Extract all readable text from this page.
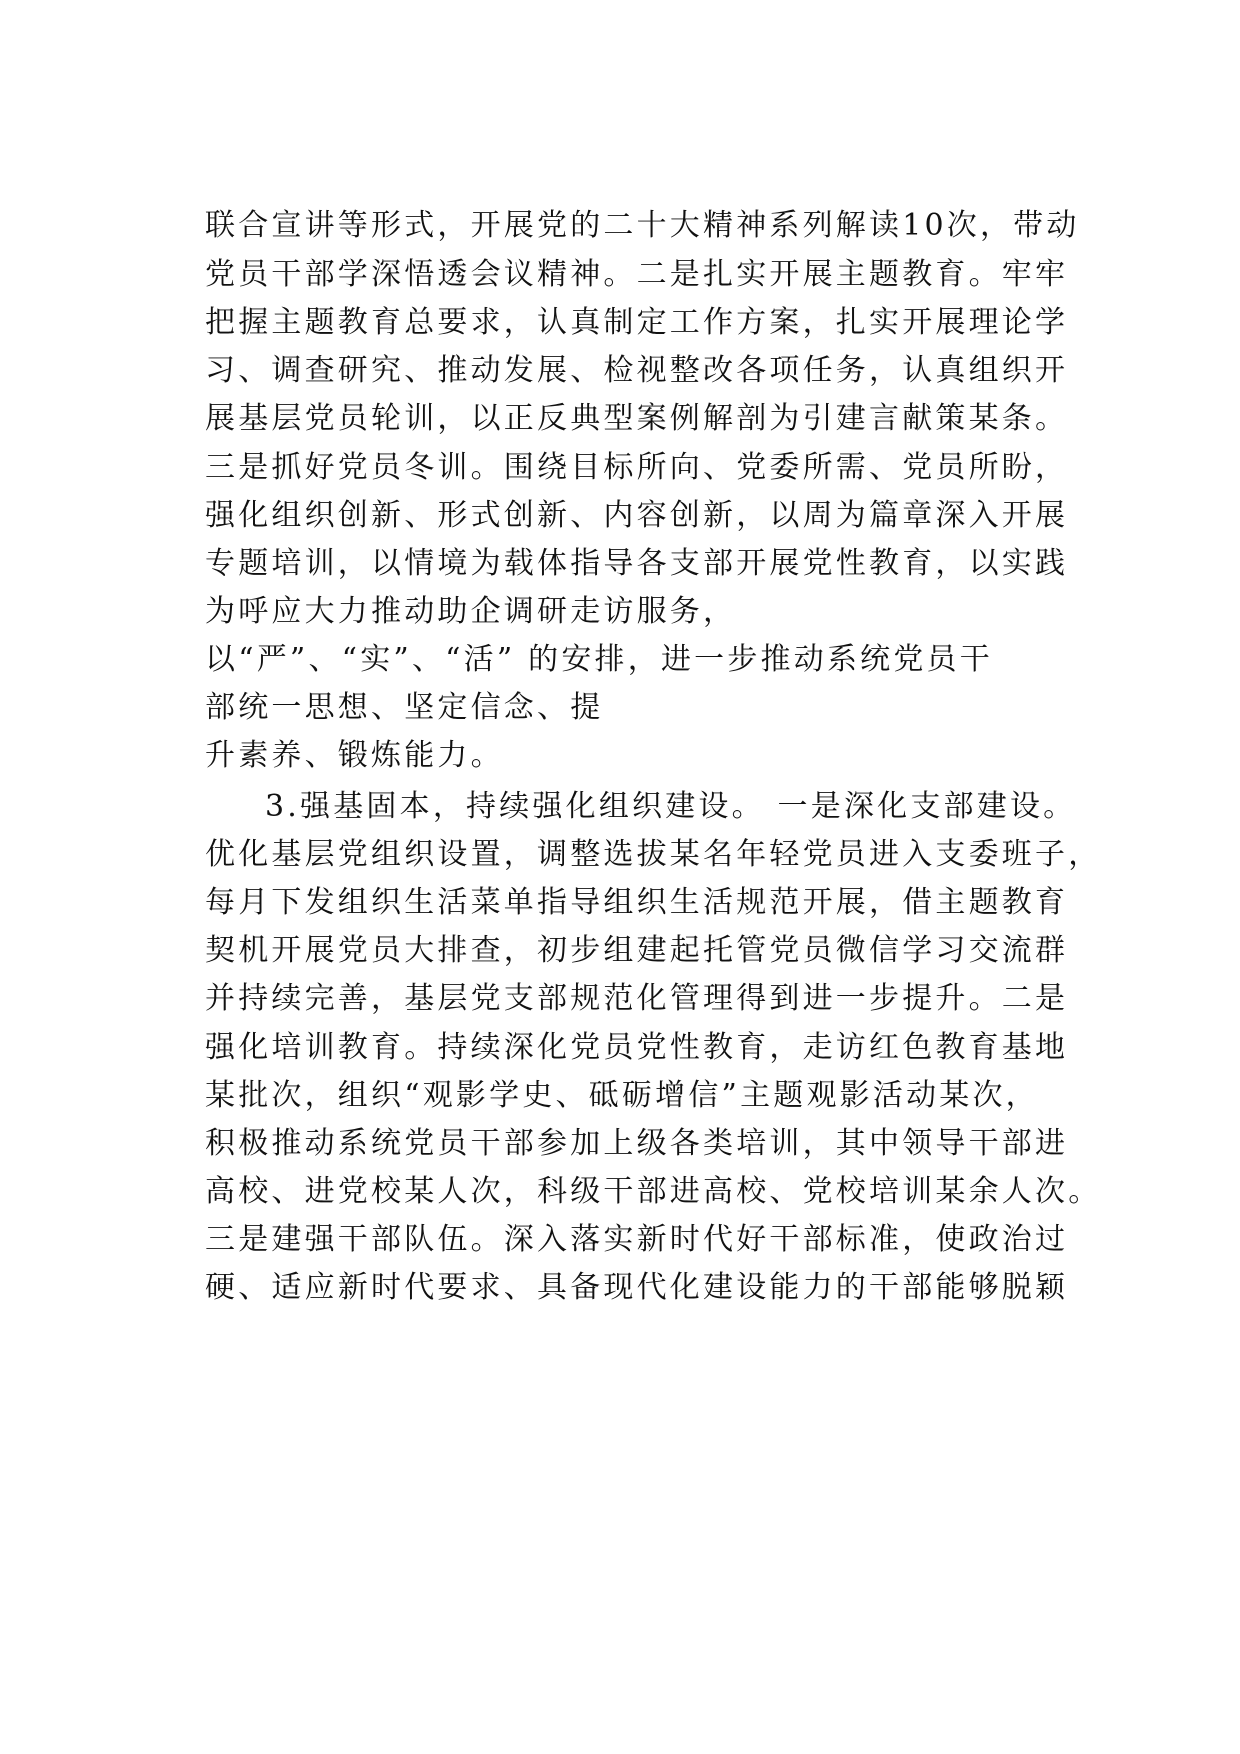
联合宣讲等形式，开展党的二十大精神系列解读10次，带动
党员干部学深悟透会议精神。二是扎实开展主题教育。牢牢
把握主题教育总要求，认真制定工作方案，扎实开展理论学
习、调查研究、推动发展、检视整改各项任务，认真组织开
展基层党员轮训，以正反典型案例解剖为引建言献策某条。
三是抓好党员冬训。围绕目标所向、党委所需、党员所盼，
强化组织创新、形式创新、内容创新，以周为篇章深入开展
专题培训，以情境为载体指导各支部开展党性教育，以实践
为呼应大力推动助企调研走访服务，
以“严”、“实”、“活” 的安排，进一步推动系统党员干
部统一思想、坚定信念、提
升素养、锻炼能力。
3.强基固本，持续强化组织建设。 一是深化支部建设。
优化基层党组织设置，调整选拔某名年轻党员进入支委班子，
每月下发组织生活菜单指导组织生活规范开展，借主题教育
契机开展党员大排查，初步组建起托管党员微信学习交流群
并持续完善，基层党支部规范化管理得到进一步提升。二是
强化培训教育。持续深化党员党性教育，走访红色教育基地
某批次，组织“观影学史、砥砺增信”主题观影活动某次，
积极推动系统党员干部参加上级各类培训，其中领导干部进
高校、进党校某人次，科级干部进高校、党校培训某余人次。
三是建强干部队伍。深入落实新时代好干部标准，使政治过
硬、适应新时代要求、具备现代化建设能力的干部能够脱颖
